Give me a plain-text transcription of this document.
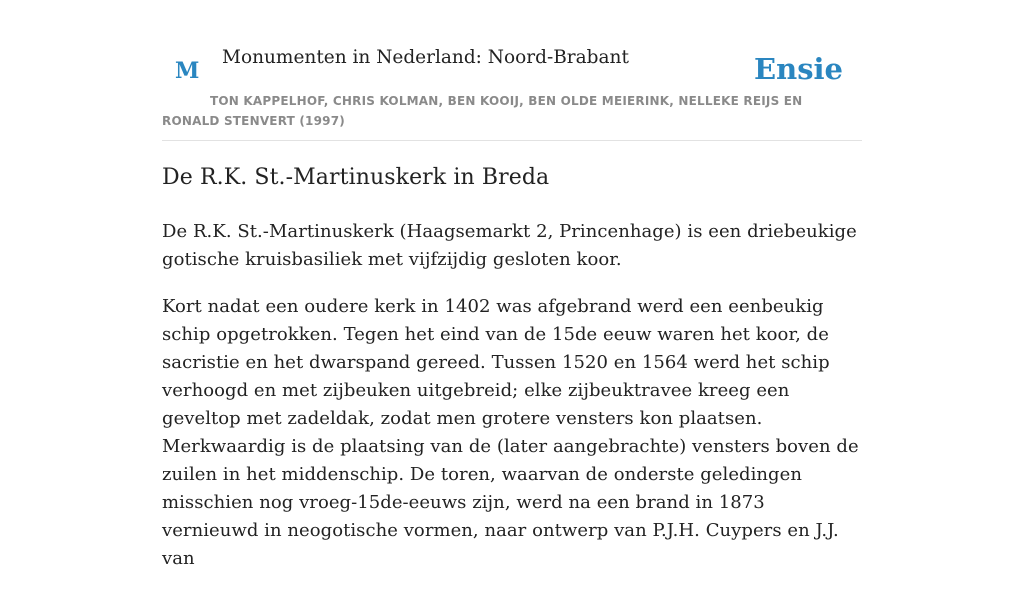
M
Monumenten in Nederland: Noord-Brabant	Ensie
TON KAPPELHOF, CHRIS KOLMAN, BEN KOOIJ, BEN OLDE MEIERINK, NELLEKE REIJS EN RONALD STENVERT (1997)
De R.K. St.-Martinuskerk in Breda

De R.K. St.-Martinuskerk (Haagsemarkt 2, Princenhage) is een driebeukige gotische kruisbasiliek met vijfzijdig gesloten koor.

Kort nadat een oudere kerk in 1402 was afgebrand werd een eenbeukig schip opgetrokken. Tegen het eind van de 15de eeuw waren het koor, de sacristie en het dwarspand gereed. Tussen 1520 en 1564 werd het schip verhoogd en met zijbeuken uitgebreid; elke zijbeuktravee kreeg een geveltop met zadeldak, zodat men grotere vensters kon plaatsen. Merkwaardig is de plaatsing van de (later aangebrachte) vensters boven de zuilen in het middenschip. De toren, waarvan de onderste geledingen misschien nog vroeg-15de-eeuws zijn, werd na een brand in 1873 vernieuwd in neogotische vormen, naar ontwerp van P.J.H. Cuypers en J.J. van
